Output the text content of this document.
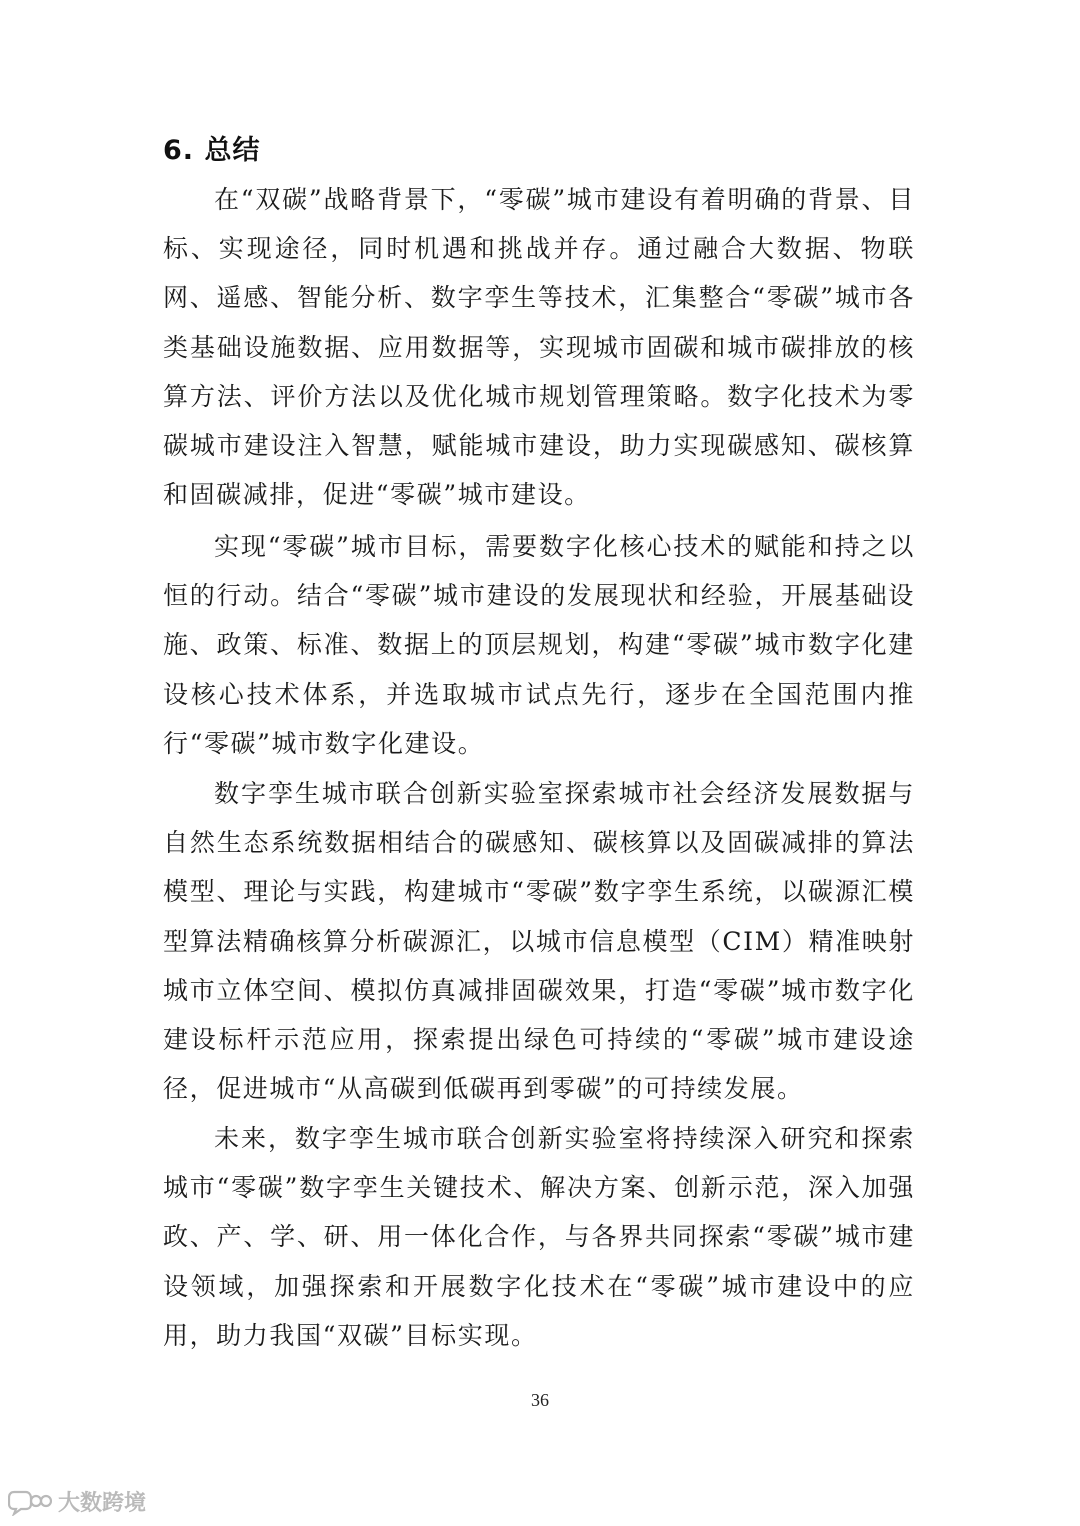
6. 总结

在“双碳”战略背景下，“零碳”城市建设有着明确的背景、目标、实现途径，同时机遇和挑战并存。通过融合大数据、物联网、遥感、智能分析、数字孪生等技术，汇集整合“零碳”城市各类基础设施数据、应用数据等，实现城市固碳和城市碳排放的核算方法、评价方法以及优化城市规划管理策略。数字化技术为零碳城市建设注入智慧，赋能城市建设，助力实现碳感知、碳核算和固碳减排，促进“零碳”城市建设。

实现“零碳”城市目标，需要数字化核心技术的赋能和持之以恒的行动。结合“零碳”城市建设的发展现状和经验，开展基础设施、政策、标准、数据上的顶层规划，构建“零碳”城市数字化建设核心技术体系，并选取城市试点先行，逐步在全国范围内推行“零碳”城市数字化建设。

数字孪生城市联合创新实验室探索城市社会经济发展数据与自然生态系统数据相结合的碳感知、碳核算以及固碳减排的算法模型、理论与实践，构建城市“零碳”数字孪生系统，以碳源汇模型算法精确核算分析碳源汇，以城市信息模型（CIM）精准映射城市立体空间、模拟仿真减排固碳效果，打造“零碳”城市数字化建设标杆示范应用，探索提出绿色可持续的“零碳”城市建设途径，促进城市“从高碳到低碳再到零碳”的可持续发展。

未来，数字孪生城市联合创新实验室将持续深入研究和探索城市“零碳”数字孪生关键技术、解决方案、创新示范，深入加强政、产、学、研、用一体化合作，与各界共同探索“零碳”城市建设领域，加强探索和开展数字化技术在“零碳”城市建设中的应用，助力我国“双碳”目标实现。

36
大数跨境
